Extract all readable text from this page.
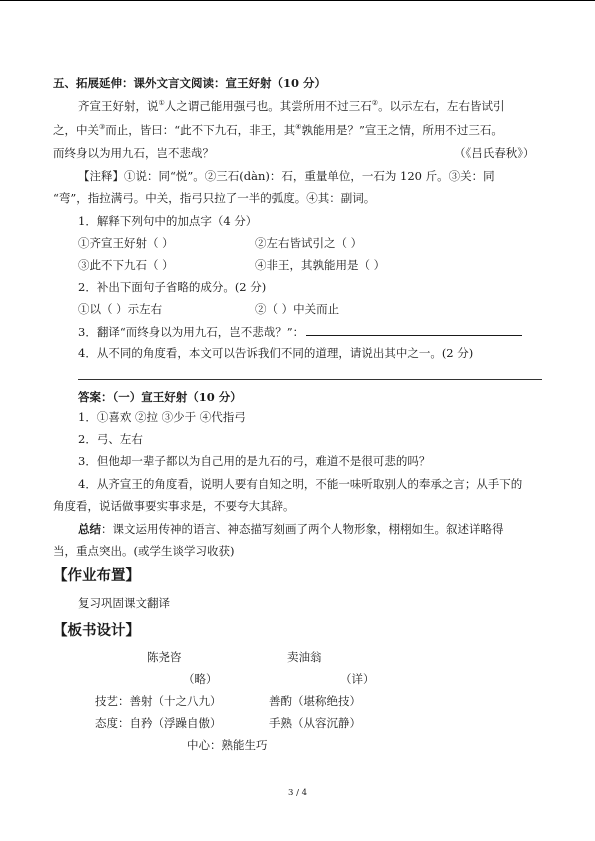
五、拓展延伸：课外文言文阅读：宣王好射（10 分）
齐宣王好射，说①人之谓己能用强弓也。其尝所用不过三石②。以示左右，左右皆试引
之，中关③而止，皆曰：“此不下九石，非王，其④孰能用是？”宣王之情，所用不过三石。
而终身以为用九石，岂不悲哉？	（《吕氏春秋》）
【注释】①说：同“悦”。②三石(dàn)：石，重量单位，一石为 120 斤。③关：同
“弯”，指拉满弓。中关，指弓只拉了一半的弧度。④其：副词。
1．解释下列句中的加点字（4 分）
①齐宣王好射（ ）	②左右皆试引之（ ）
③此不下九石（ ）	④非王，其孰能用是（ ）
2．补出下面句子省略的成分。(2 分)
①以（ ）示左右	②（ ）中关而止
3．翻译“而终身以为用九石，岂不悲哉？”：
4．从不同的角度看，本文可以告诉我们不同的道理，请说出其中之一。(2 分)
答案：（一）宣王好射（10 分）
1．①喜欢 ②拉 ③少于 ④代指弓
2．弓、左右
3．但他却一辈子都以为自己用的是九石的弓，难道不是很可悲的吗？
4．从齐宣王的角度看，说明人要有自知之明，不能一味听取别人的奉承之言；从手下的
角度看，说话做事要实事求是，不要夸大其辞。
总结：课文运用传神的语言、神态描写刻画了两个人物形象，栩栩如生。叙述详略得
当，重点突出。(或学生谈学习收获)
【作业布置】
复习巩固课文翻译
【板书设计】
陈尧咨	卖油翁
（略）	（详）
技艺：善射（十之八九）	善酌（堪称绝技）
态度：自矜（浮躁自傲）	手熟（从容沉静）
中心：熟能生巧
3 / 4
